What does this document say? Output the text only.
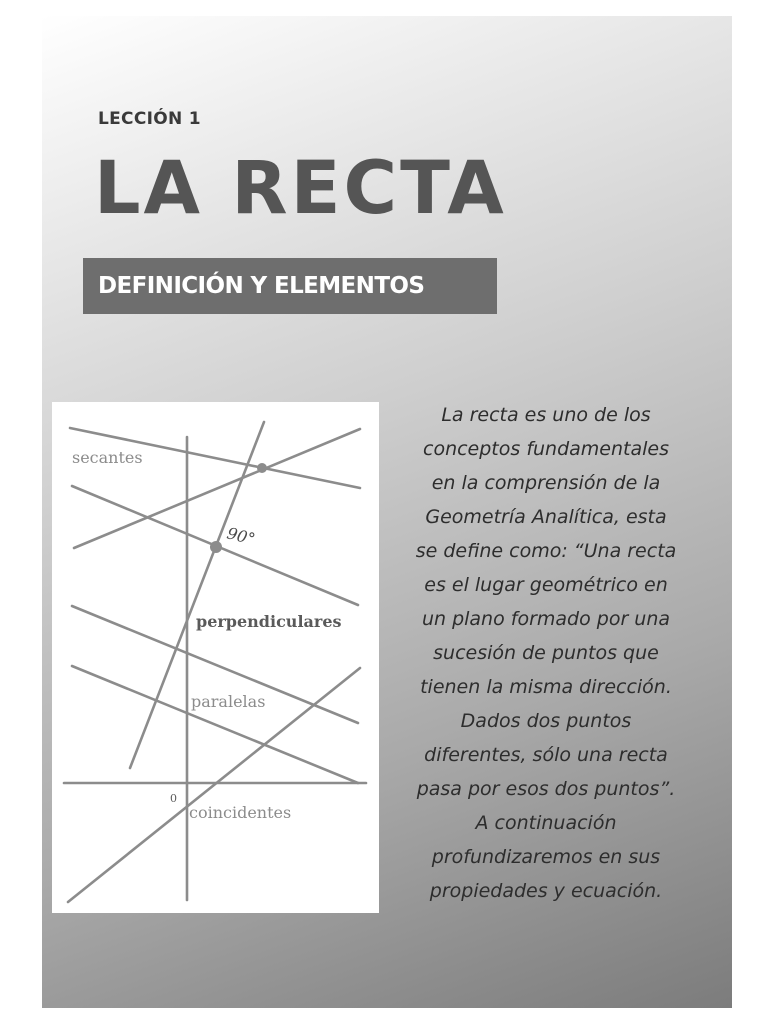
LECCIÓN 1
LA RECTA
DEFINICIÓN Y ELEMENTOS
secantes
90°
perpendiculares
paralelas
0
coincidentes
La recta es uno de los
conceptos fundamentales
en la comprensión de la
Geometría Analítica, esta
se define como: “Una recta
es el lugar geométrico en
un plano formado por una
sucesión de puntos que
tienen la misma dirección.
Dados dos puntos
diferentes, sólo una recta
pasa por esos dos puntos”.
A continuación
profundizaremos en sus
propiedades y ecuación.
